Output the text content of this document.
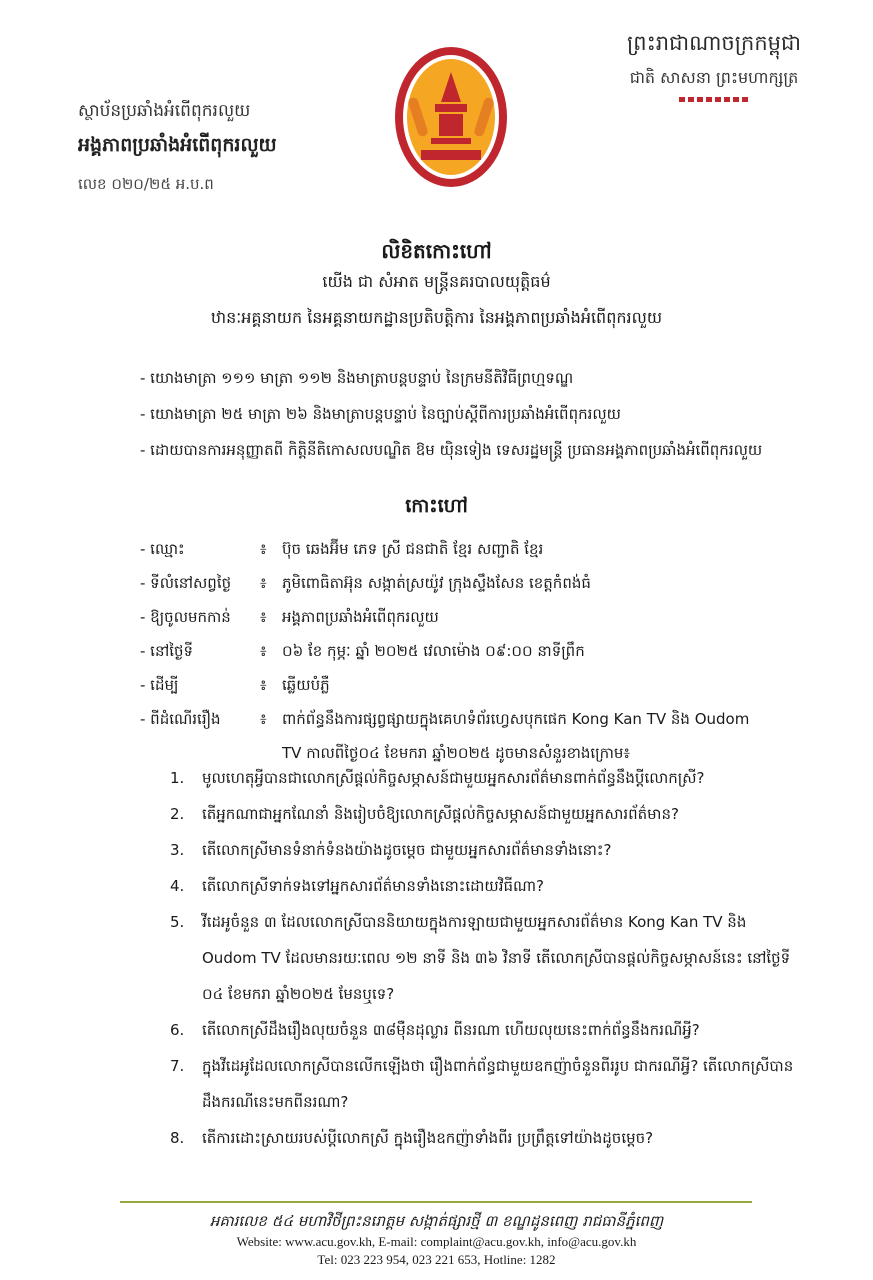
ព្រះរាជាណាចក្រកម្ពុជា
ជាតិ សាសនា ព្រះមហាក្សត្រ
ស្ថាប័នប្រឆាំងអំពើពុករលួយ
អង្គភាពប្រឆាំងអំពើពុករលួយ
លេខ ០២០/២៥ អ.ប.ព
លិខិតកោះហៅ
យើង ជា សំអាត មន្រ្តីនគរបាលយុត្តិធម៌
ឋានៈអគ្គនាយក នៃអគ្គនាយកដ្ឋានប្រតិបត្តិការ នៃអង្គភាពប្រឆាំងអំពើពុករលួយ
- យោងមាត្រា ១១១ មាត្រា ១១២ និងមាត្រាបន្តបន្ទាប់ នៃក្រមនីតិវិធីព្រហ្មទណ្ឌ
- យោងមាត្រា ២៥ មាត្រា ២៦ និងមាត្រាបន្តបន្ទាប់ នៃច្បាប់ស្តីពីការប្រឆាំងអំពើពុករលួយ
- ដោយបានការអនុញ្ញាតពី កិត្តិនីតិកោសលបណ្ឌិត ឱម យ៉ិនទៀង ទេសរដ្ឋមន្ត្រី ប្រធានអង្គភាពប្រឆាំងអំពើពុករលួយ
កោះហៅ
- ឈ្មោះ	៖	ប៊ុច ឆេងអ៊ីម ភេទ ស្រី ជនជាតិ ខ្មែរ សញ្ជាតិ ខ្មែរ
- ទីលំនៅសព្វថ្ងៃ	៖	ភូមិពោធិតាអ៊ុន សង្កាត់ស្រយ៉ូវ ក្រុងស្ទឹងសែន ខេត្តកំពង់ធំ
- ឱ្យចូលមកកាន់	៖	អង្គភាពប្រឆាំងអំពើពុករលួយ
- នៅថ្ងៃទី	៖	០៦ ខែ កុម្ភៈ ឆ្នាំ ២០២៥ វេលាម៉ោង ០៩:០០ នាទីព្រឹក
- ដើម្បី	៖	ឆ្លើយបំភ្លឺ
- ពីដំណើររឿង	៖	ពាក់ព័ន្ធនឹងការផ្សព្វផ្សាយក្នុងគេហទំព័រហ្វេសបុកផេក Kong Kan TV និង Oudom
TV កាលពីថ្ងៃ០៤ ខែមករា ឆ្នាំ២០២៥ ដូចមានសំនួរខាងក្រោម៖
1.	មូលហេតុអ្វីបានជាលោកស្រីផ្ដល់កិច្ចសម្ភាសន៍ជាមួយអ្នកសារព័ត៌មានពាក់ព័ន្ធនឹងប្ដីលោកស្រី?
2.	តើអ្នកណាជាអ្នកណែនាំ និងរៀបចំឱ្យលោកស្រីផ្ដល់កិច្ចសម្ភាសន៍ជាមួយអ្នកសារព័ត៌មាន?
3.	តើលោកស្រីមានទំនាក់ទំនងយ៉ាងដូចម្ដេច ជាមួយអ្នកសារព័ត៌មានទាំងនោះ?
4.	តើលោកស្រីទាក់ទងទៅអ្នកសារព័ត៌មានទាំងនោះដោយវិធីណា?
5.	វីដេអូចំនួន ៣ ដែលលោកស្រីបាននិយាយក្នុងការឡាយជាមួយអ្នកសារព័ត៌មាន Kong Kan TV និង Oudom TV ដែលមានរយៈពេល ១២ នាទី និង ៣៦ វិនាទី តើលោកស្រីបានផ្ដល់កិច្ចសម្ភាសន៍នេះ នៅថ្ងៃទី ០៤ ខែមករា ឆ្នាំ២០២៥ មែនឬទេ?
6.	តើលោកស្រីដឹងរឿងលុយចំនួន ៣៨ម៉ឺនដុល្លារ ពីនរណា ហើយលុយនេះពាក់ព័ន្ធនឹងករណីអ្វី?
7.	ក្នុងវីដេអូដែលលោកស្រីបានលើកឡើងថា រឿងពាក់ព័ន្ធជាមួយឧកញ៉ាចំនួនពីររូប ជាករណីអ្វី? តើលោកស្រីបានដឹងករណីនេះមកពីនរណា?
8.	តើការដោះស្រាយរបស់ប្ដីលោកស្រី ក្នុងរឿងឧកញ៉ាទាំងពីរ ប្រព្រឹត្តទៅយ៉ាងដូចម្ដេច?
អគារលេខ ៥៤ មហាវិថីព្រះនរោត្តម សង្កាត់ផ្សារថ្មី ៣ ខណ្ឌដូនពេញ រាជធានីភ្នំពេញ
Website: www.acu.gov.kh, E-mail: complaint@acu.gov.kh, info@acu.gov.kh
Tel: 023 223 954, 023 221 653, Hotline: 1282
